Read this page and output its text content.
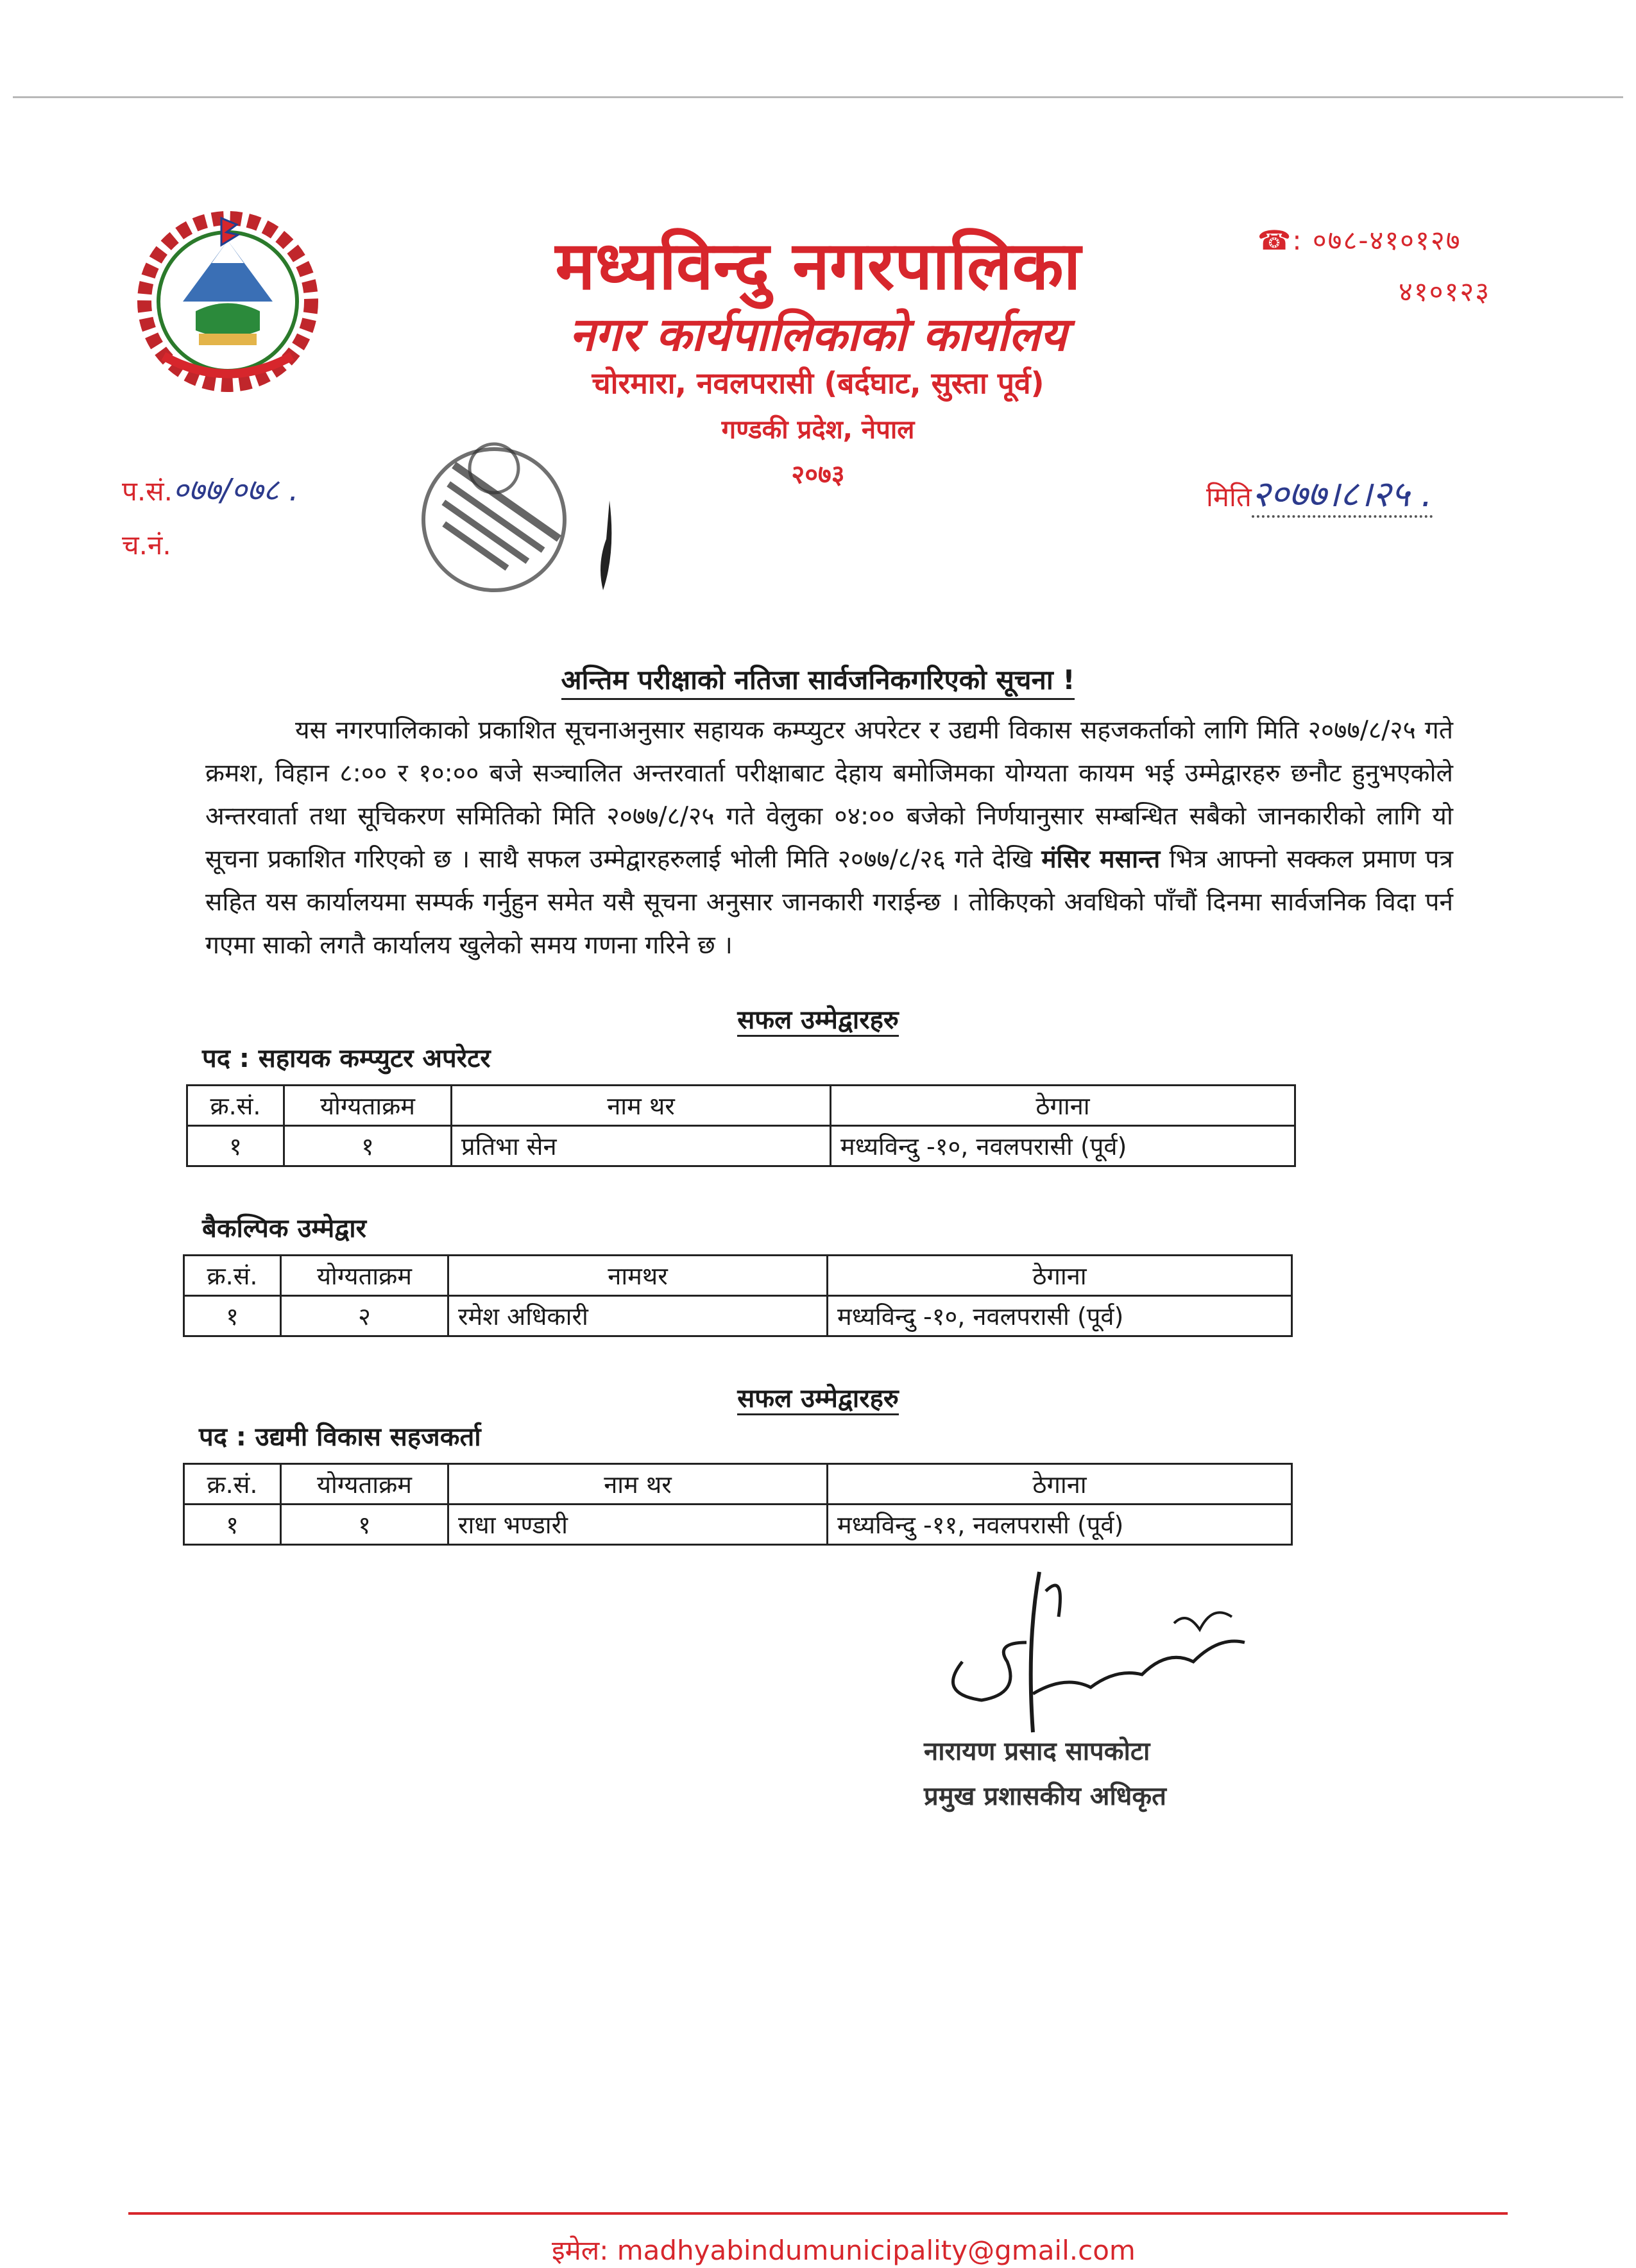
मध्यविन्दु नगरपालिका
नगर कार्यपालिकाको कार्यालय
चोरमारा, नवलपरासी (बर्दघाट, सुस्ता पूर्व)
गण्डकी प्रदेश, नेपाल
२०७३
☎: ०७८-४१०१२७
४१०१२३
प.सं.०७७/०७८ .
च.नं.
मिति२०७७।८।२५ .
अन्तिम परीक्षाको नतिजा सार्वजनिकगरिएको सूचना !
यस नगरपालिकाको प्रकाशित सूचनाअनुसार सहायक कम्प्युटर अपरेटर र उद्यमी विकास सहजकर्ताको लागि मिति २०७७/८/२५ गते क्रमश, विहान ८:०० र १०:०० बजे सञ्चालित अन्तरवार्ता परीक्षाबाट देहाय बमोजिमका योग्यता कायम भई उम्मेद्वारहरु छनौट हुनुभएकोले अन्तरवार्ता तथा सूचिकरण समितिको मिति २०७७/८/२५ गते वेलुका ०४:०० बजेको निर्णयानुसार सम्बन्धित सबैको जानकारीको लागि यो सूचना प्रकाशित गरिएको छ । साथै सफल उम्मेद्वारहरुलाई भोली मिति २०७७/८/२६ गते देखि मंसिर मसान्त भित्र आफ्नो सक्कल प्रमाण पत्र सहित यस कार्यालयमा सम्पर्क गर्नुहुन समेत यसै सूचना अनुसार जानकारी गराईन्छ । तोकिएको अवधिको पाँचौं दिनमा सार्वजनिक विदा पर्न गएमा साको लगतै कार्यालय खुलेको समय गणना गरिने छ ।
सफल उम्मेद्वारहरु
पद : सहायक कम्प्युटर अपरेटर
क्र.सं.	योग्यताक्रम	नाम थर	ठेगाना
१	१	प्रतिभा सेन	मध्यविन्दु -१०, नवलपरासी (पूर्व)
बैकल्पिक उम्मेद्वार
क्र.सं.	योग्यताक्रम	नामथर	ठेगाना
१	२	रमेश अधिकारी	मध्यविन्दु -१०, नवलपरासी (पूर्व)
सफल उम्मेद्वारहरु
पद : उद्यमी विकास सहजकर्ता
क्र.सं.	योग्यताक्रम	नाम थर	ठेगाना
१	१	राधा भण्डारी	मध्यविन्दु -११, नवलपरासी (पूर्व)
नारायण प्रसाद सापकोटा
प्रमुख प्रशासकीय अधिकृत
इमेल: madhyabindumunicipality@gmail.com
